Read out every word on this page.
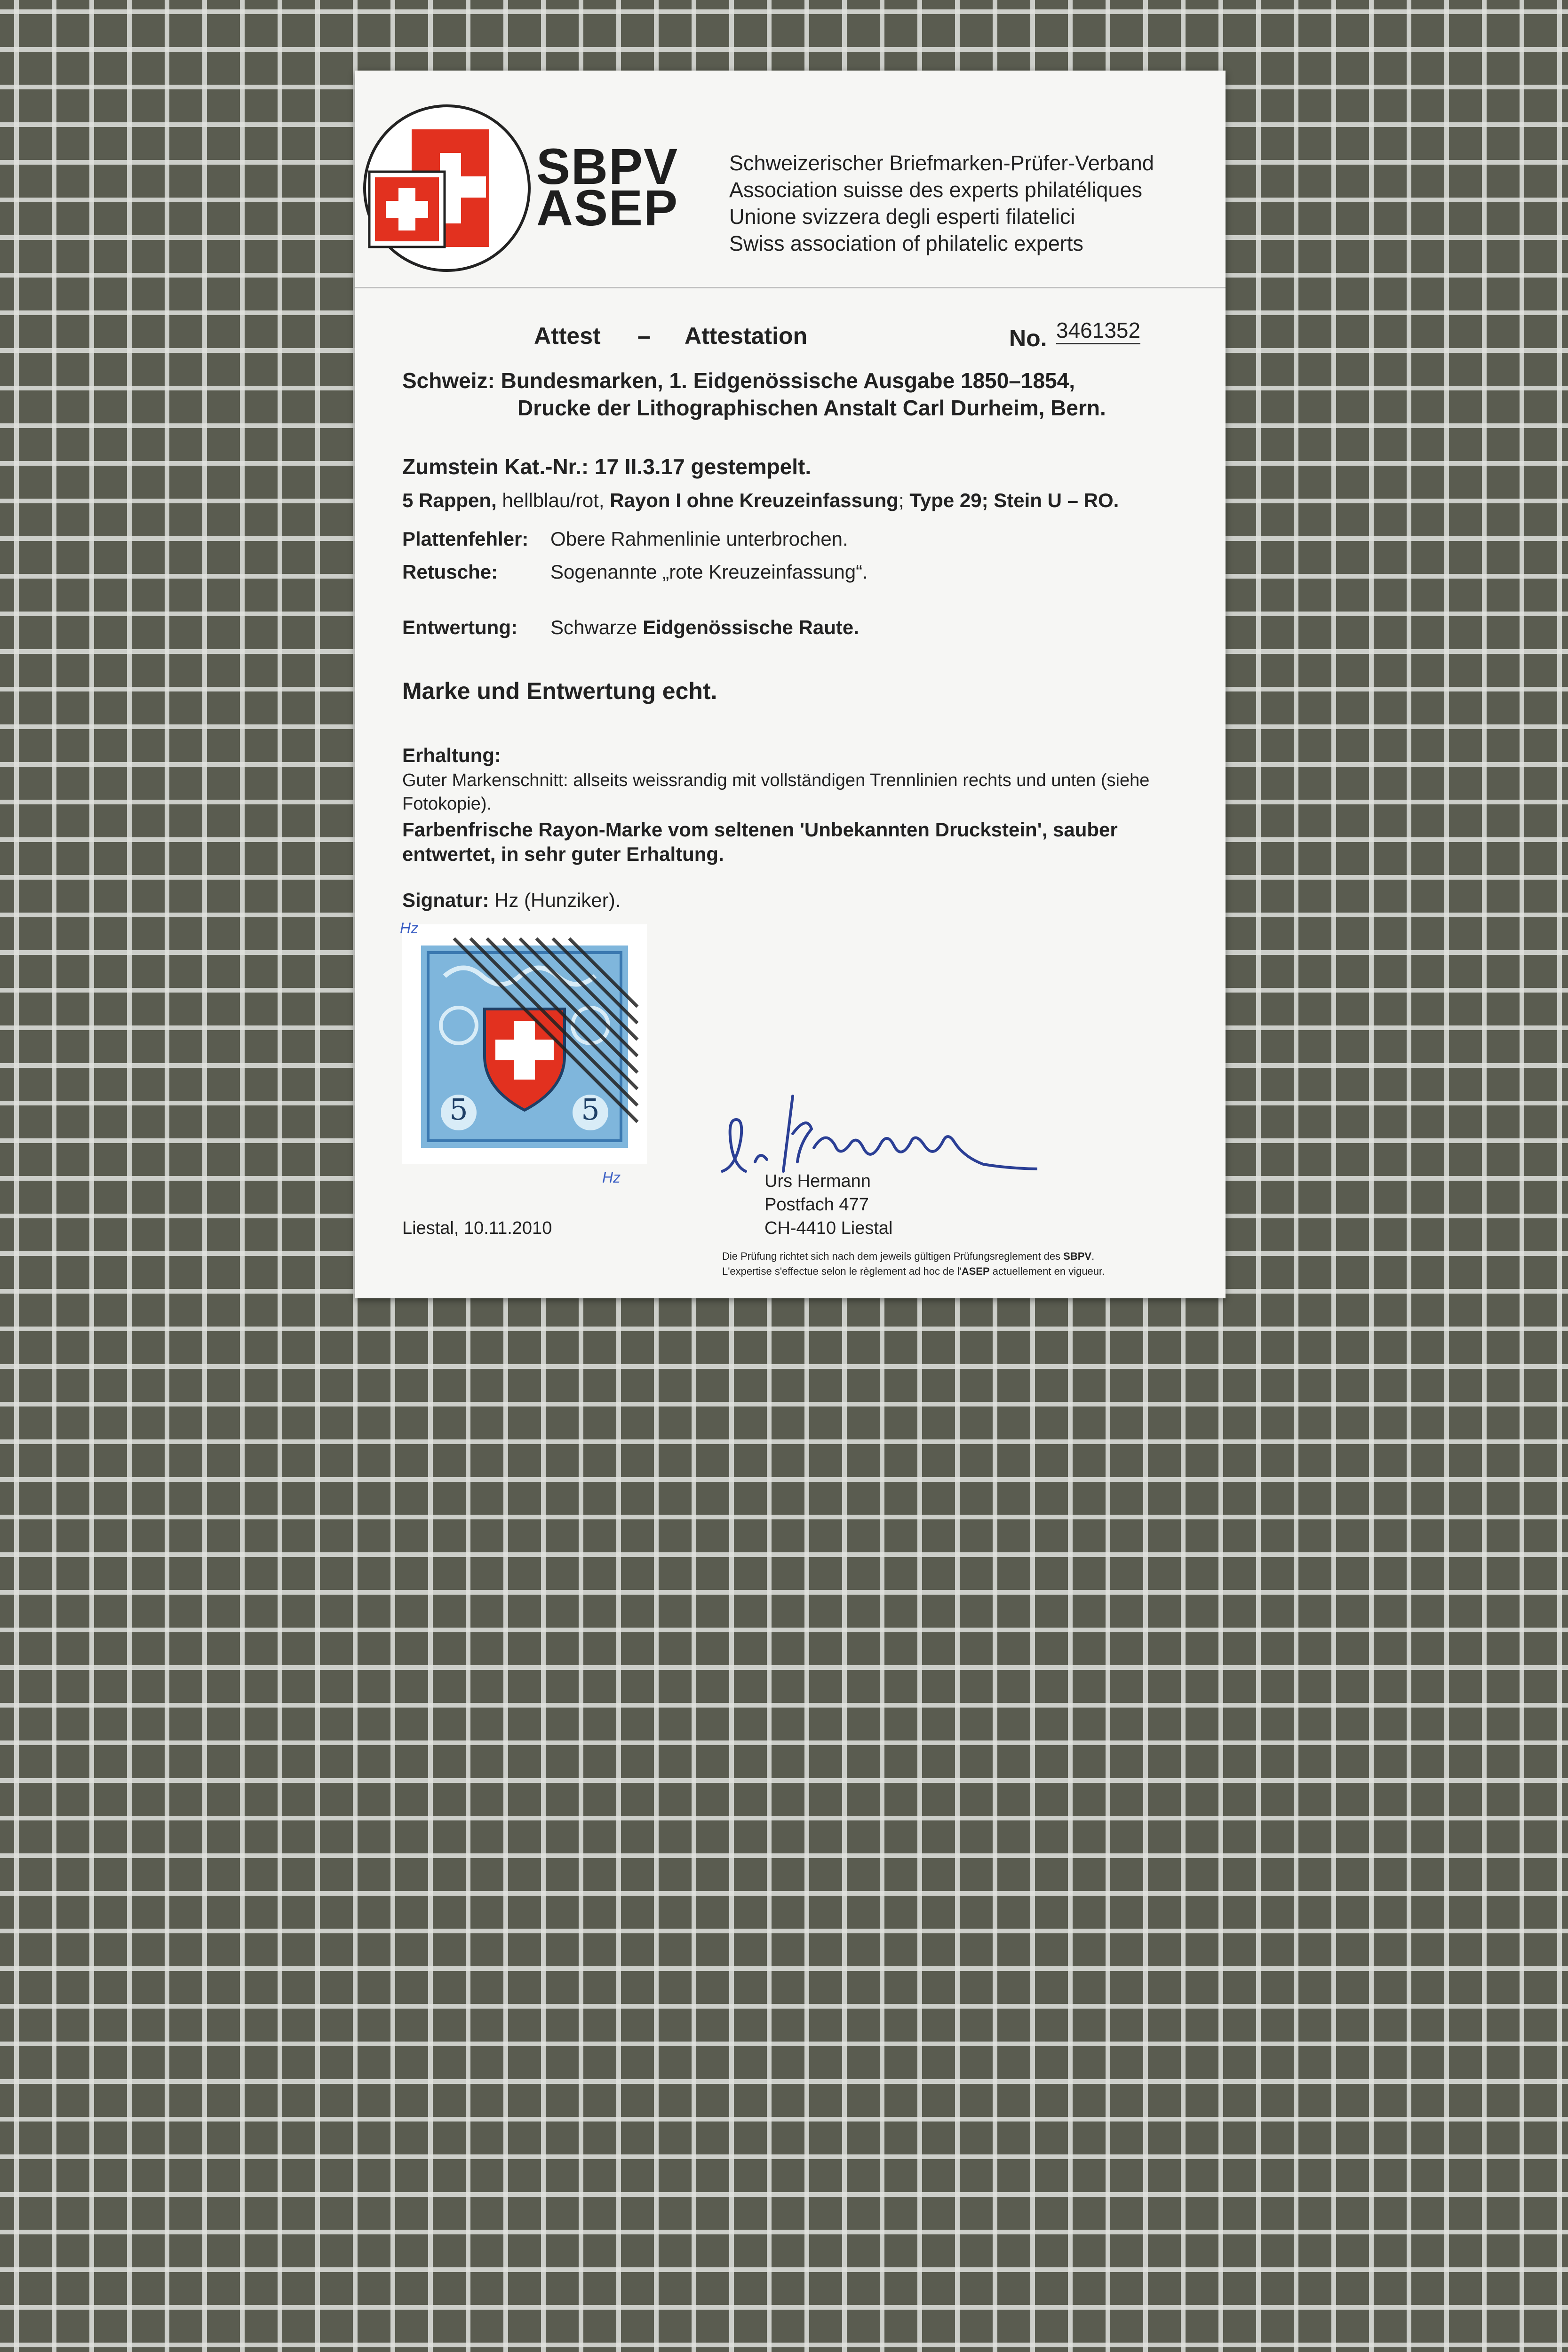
SBPV
ASEP
Schweizerischer Briefmarken-Prüfer-Verband
Association suisse des experts philatéliques
Unione svizzera degli esperti filatelici
Swiss association of philatelic experts
Attest – Attestation	No. 3461352
Schweiz: Bundesmarken, 1. Eidgenössische Ausgabe 1850–1854,
Drucke der Lithographischen Anstalt Carl Durheim, Bern.
Zumstein Kat.-Nr.: 17 II.3.17 gestempelt.
5 Rappen, hellblau/rot, Rayon I ohne Kreuzeinfassung; Type 29; Stein U – RO.
Plattenfehler: Obere Rahmenlinie unterbrochen.
Retusche:	Sogenannte „rote Kreuzeinfassung“.
Entwertung: Schwarze Eidgenössische Raute.
Marke und Entwertung echt.
Erhaltung:
Guter Markenschnitt: allseits weissrandig mit vollständigen Trennlinien rechts und unten (siehe
Fotokopie).
Farbenfrische Rayon-Marke vom seltenen 'Unbekannten Druckstein', sauber
entwertet, in sehr guter Erhaltung.
Signatur: Hz (Hunziker).
5	5
Hz
Hz
Liestal, 10.11.2010
Urs Hermann
Postfach 477
CH-4410 Liestal
Die Prüfung richtet sich nach dem jeweils gültigen Prüfungsreglement des SBPV.
L'expertise s'effectue selon le règlement ad hoc de l'ASEP actuellement en vigueur.
